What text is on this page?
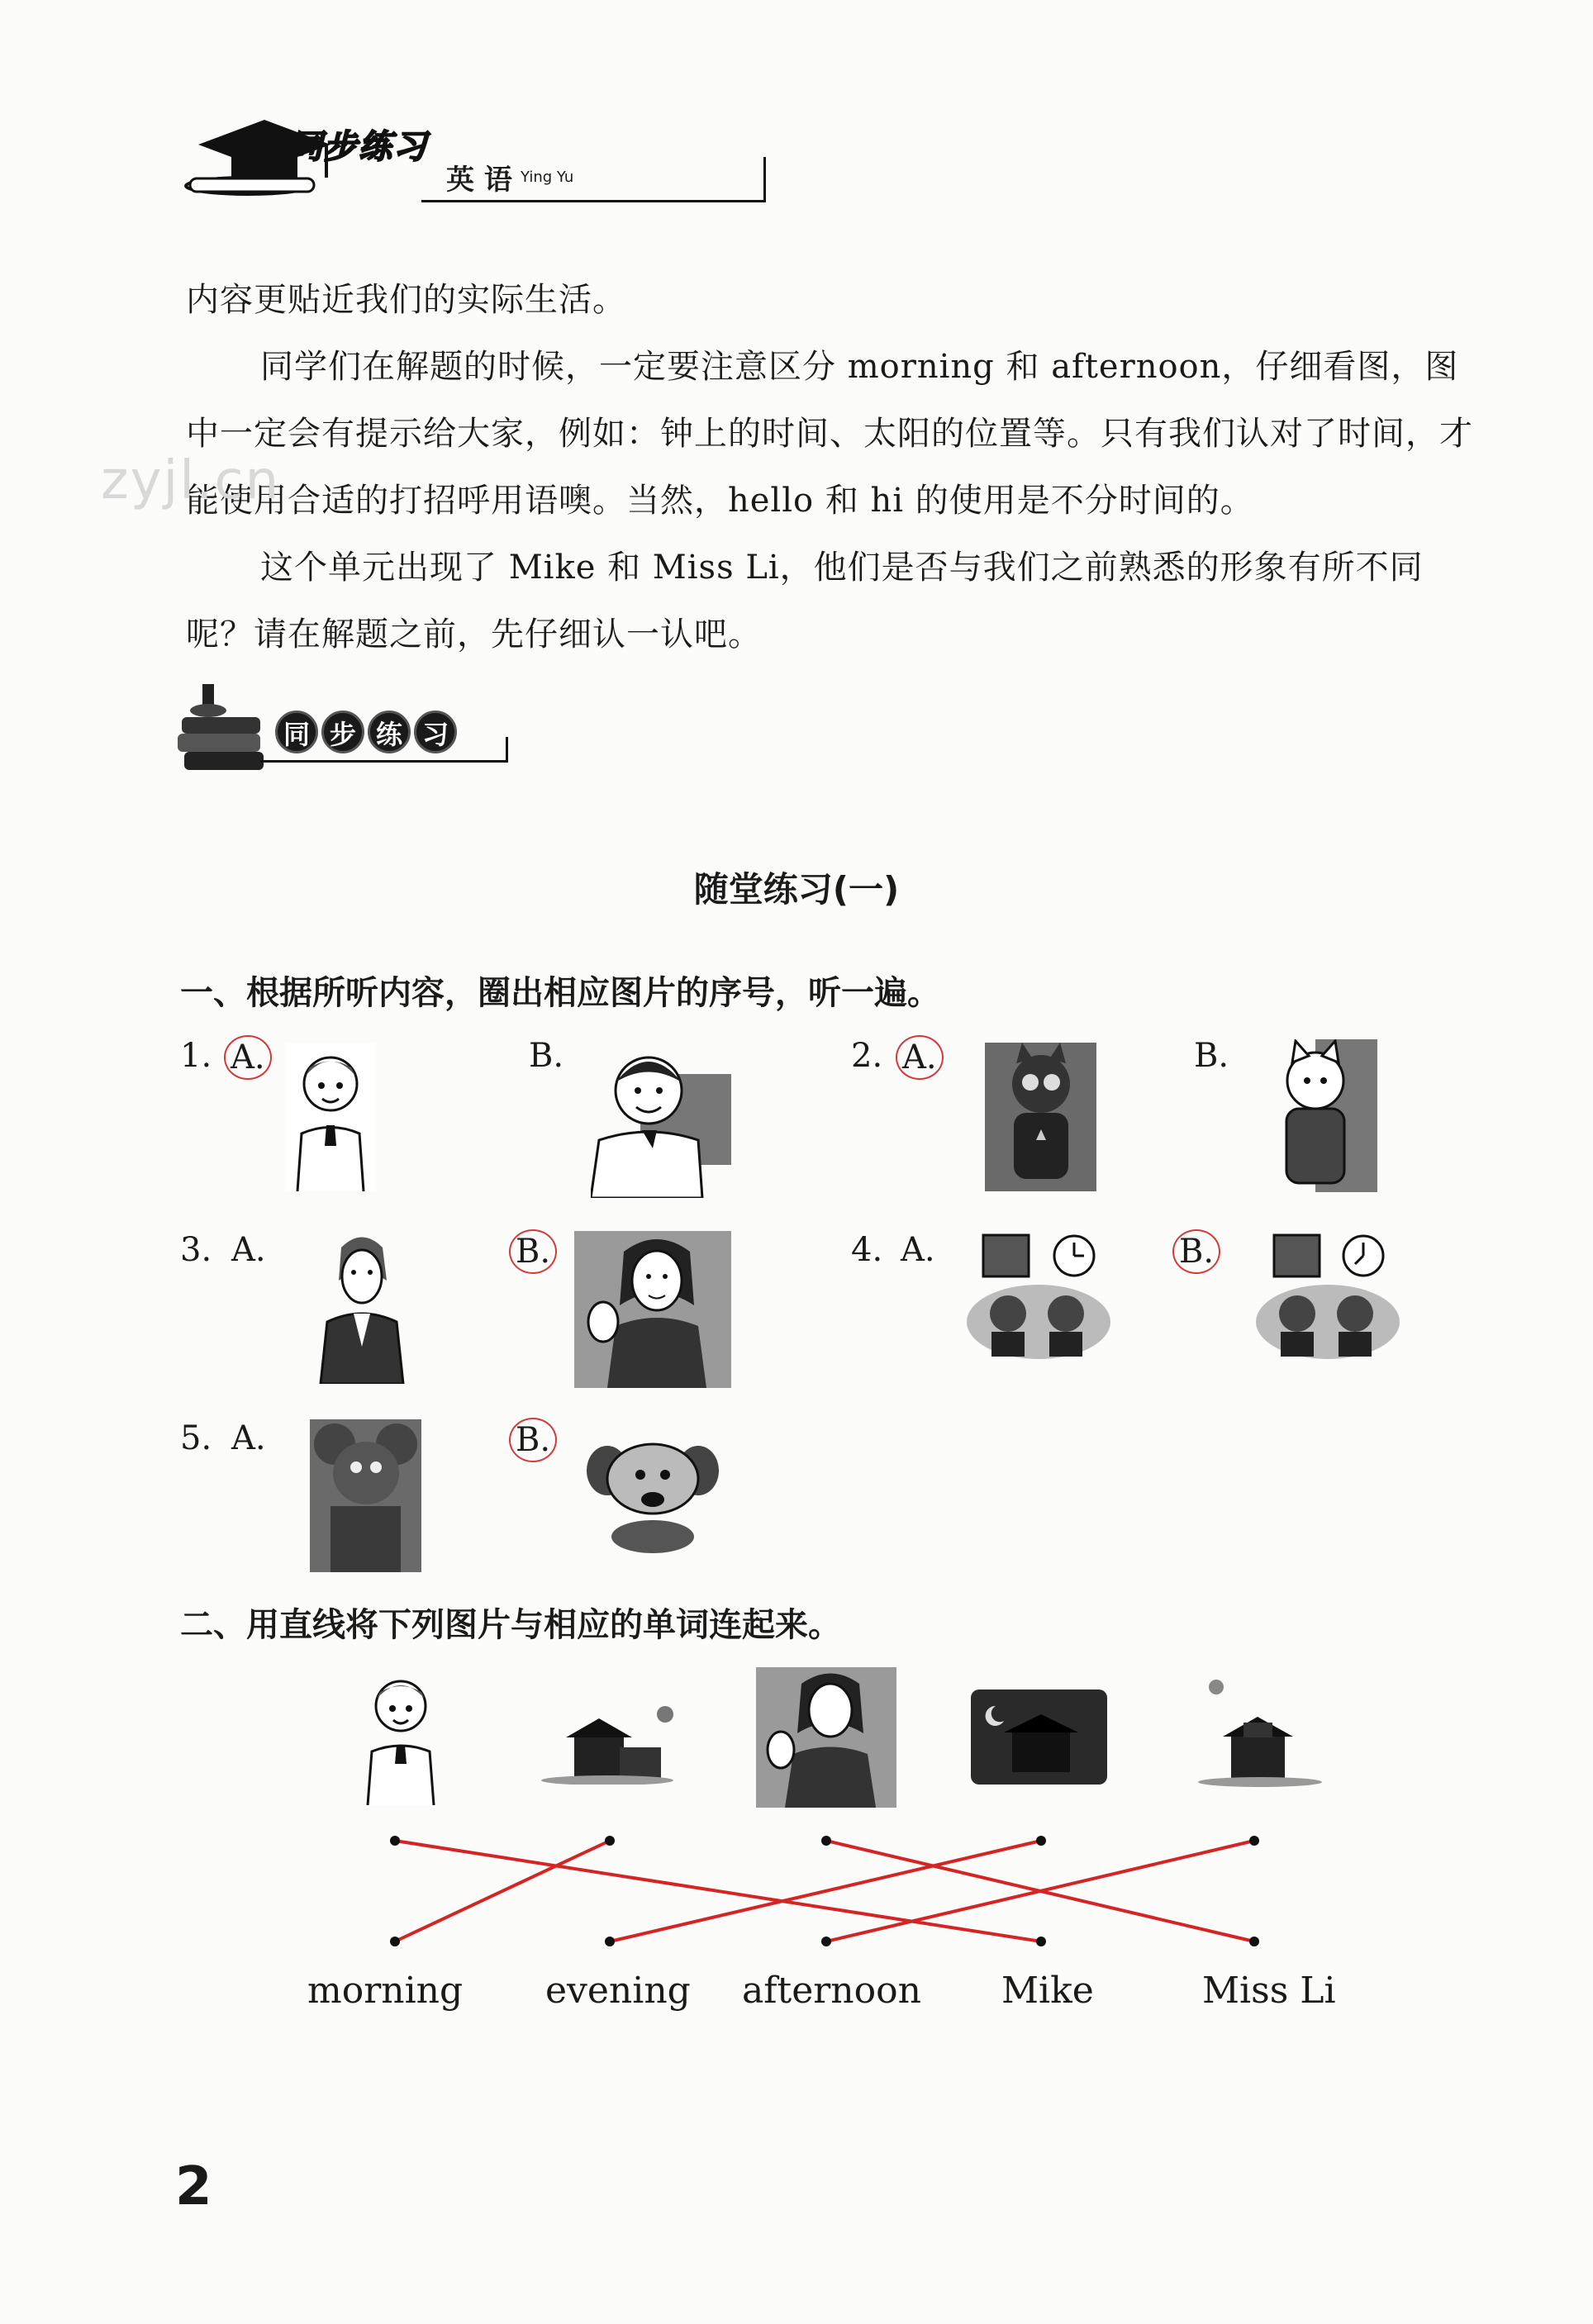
同步练习
英 语 Ying Yu
内容更贴近我们的实际生活。
同学们在解题的时候，一定要注意区分 morning 和 afternoon，仔细看图，图中一定会有提示给大家，例如：钟上的时间、太阳的位置等。只有我们认对了时间，才能使用合适的打招呼用语噢。当然，hello 和 hi 的使用是不分时间的。
这个单元出现了 Mike 和 Miss Li，他们是否与我们之前熟悉的形象有所不同呢？请在解题之前，先仔细认一认吧。
zyjl.cn
同 步 练 习
随堂练习(一)
一、根据所听内容，圈出相应图片的序号，听一遍。
1. A.	B.	2. A.	B.
3. A.	B.	4. A.	B.
5. A.	B.
二、用直线将下列图片与相应的单词连起来。
morning evening afternoon Mike	Miss Li
2
